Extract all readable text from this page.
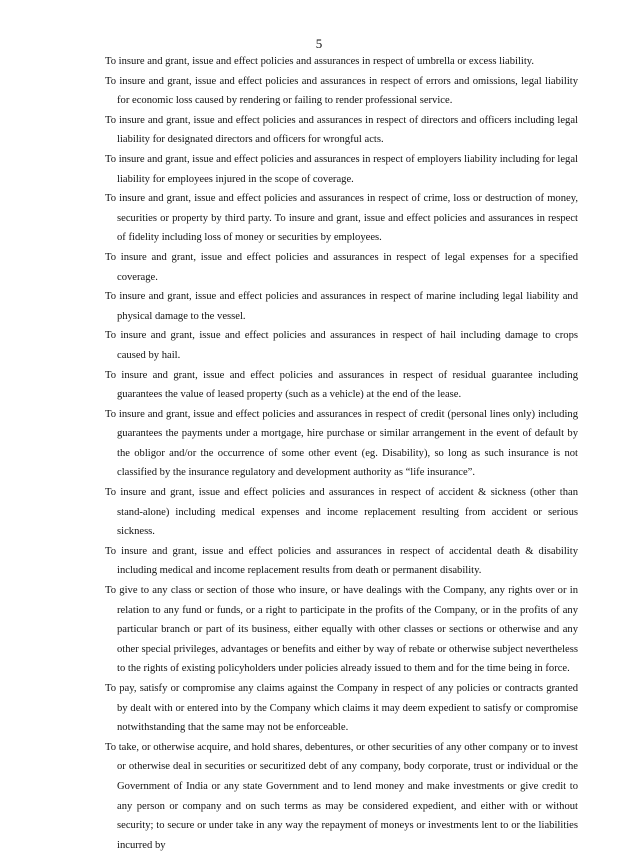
5

To insure and grant, issue and effect policies and assurances in respect of umbrella or excess liability.

To insure and grant, issue and effect policies and assurances in respect of errors and omissions, legal liability for economic loss caused by rendering or failing to render professional service.

To insure and grant, issue and effect policies and assurances in respect of directors and officers including legal liability for designated directors and officers for wrongful acts.

To insure and grant, issue and effect policies and assurances in respect of employers liability including for legal liability for employees injured in the scope of coverage.

To insure and grant, issue and effect policies and assurances in respect of crime, loss or destruction of money, securities or property by third party. To insure and grant, issue and effect policies and assurances in respect of fidelity including loss of money or securities by employees.

To insure and grant, issue and effect policies and assurances in respect of legal expenses for a specified coverage.

To insure and grant, issue and effect policies and assurances in respect of marine including legal liability and physical damage to the vessel.

To insure and grant, issue and effect policies and assurances in respect of hail including damage to crops caused by hail.

To insure and grant, issue and effect policies and assurances in respect of residual guarantee including guarantees the value of leased property (such as a vehicle) at the end of the lease.

To insure and grant, issue and effect policies and assurances in respect of credit (personal lines only) including guarantees the payments under a mortgage, hire purchase or similar arrangement in the event of default by the obligor and/or the occurrence of some other event (eg. Disability), so long as such insurance is not classified by the insurance regulatory and development authority as “life insurance”.

To insure and grant, issue and effect policies and assurances in respect of accident & sickness (other than stand-alone) including medical expenses and income replacement resulting from accident or serious sickness.

To insure and grant, issue and effect policies and assurances in respect of accidental death & disability including medical and income replacement results from death or permanent disability.

To give to any class or section of those who insure, or have dealings with the Company, any rights over or in relation to any fund or funds, or a right to participate in the profits of the Company, or in the profits of any particular branch or part of its business, either equally with other classes or sections or otherwise and any other special privileges, advantages or benefits and either by way of rebate or otherwise subject nevertheless to the rights of existing policyholders under policies already issued to them and for the time being in force.

To pay, satisfy or compromise any claims against the Company in respect of any policies or contracts granted by dealt with or entered into by the Company which claims it may deem expedient to satisfy or compromise notwithstanding that the same may not be enforceable.

To take, or otherwise acquire, and hold shares, debentures, or other securities of any other company or to invest or otherwise deal in securities or securitized debt of any company, body corporate, trust or individual or the Government of India or any state Government and to lend money and make investments or give credit to any person or company and on such terms as may be considered expedient, and either with or without security; to secure or under take in any way the repayment of moneys or investments lent to or the liabilities incurred by
